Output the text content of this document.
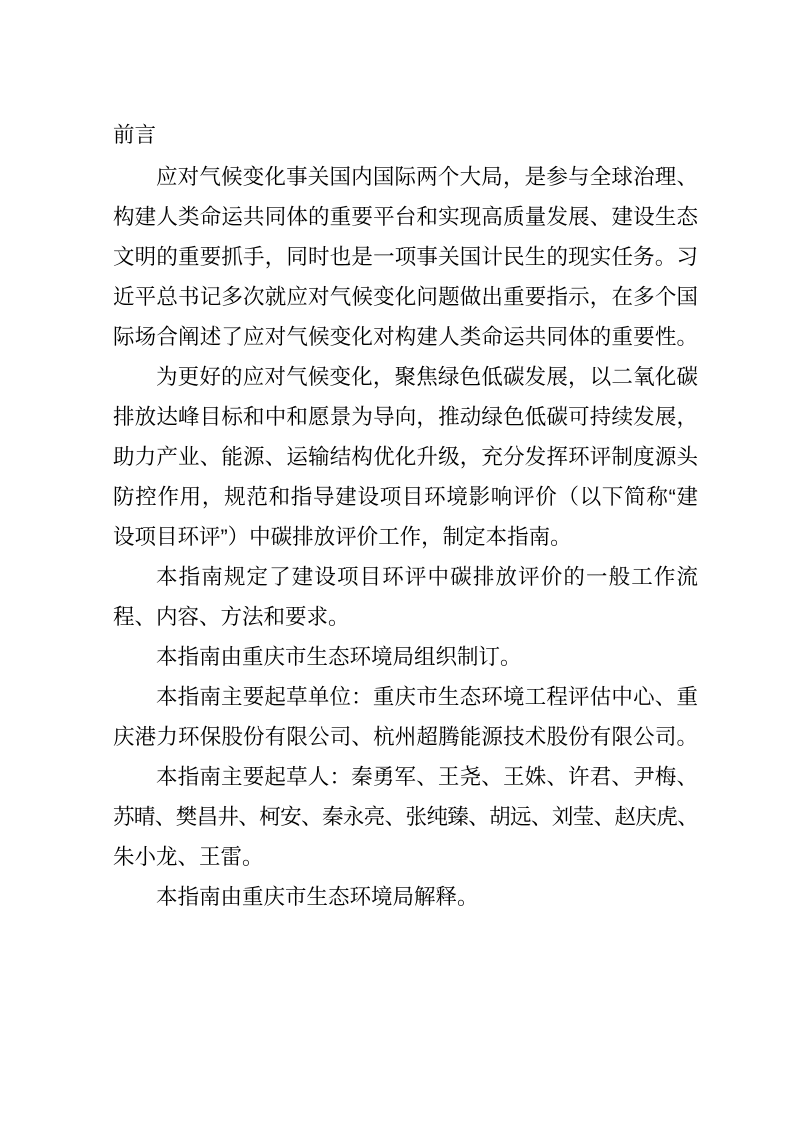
前言
应对气候变化事关国内国际两个大局，是参与全球治理、
构建人类命运共同体的重要平台和实现高质量发展、建设生态
文明的重要抓手，同时也是一项事关国计民生的现实任务。习
近平总书记多次就应对气候变化问题做出重要指示，在多个国
际场合阐述了应对气候变化对构建人类命运共同体的重要性。
为更好的应对气候变化，聚焦绿色低碳发展，以二氧化碳
排放达峰目标和中和愿景为导向，推动绿色低碳可持续发展，
助力产业、能源、运输结构优化升级，充分发挥环评制度源头
防控作用，规范和指导建设项目环境影响评价（以下简称“建
设项目环评”）中碳排放评价工作，制定本指南。
本指南规定了建设项目环评中碳排放评价的一般工作流
程、内容、方法和要求。
本指南由重庆市生态环境局组织制订。
本指南主要起草单位：重庆市生态环境工程评估中心、重
庆港力环保股份有限公司、杭州超腾能源技术股份有限公司。
本指南主要起草人：秦勇军、王尧、王姝、许君、尹梅、
苏晴、樊昌井、柯安、秦永亮、张纯臻、胡远、刘莹、赵庆虎、
朱小龙、王雷。
本指南由重庆市生态环境局解释。
